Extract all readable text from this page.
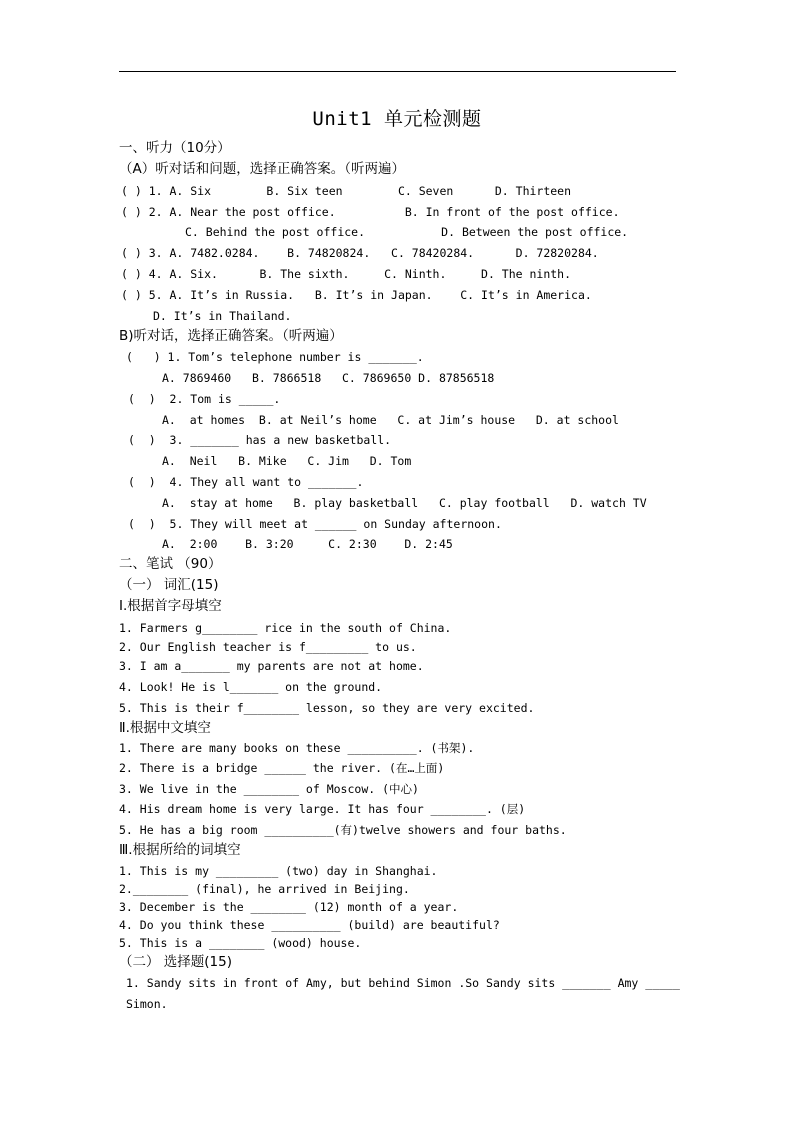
Unit1 单元检测题
一、听力（10分）
（A）听对话和问题，选择正确答案。（听两遍）
( ) 1. A. Six        B. Six teen        C. Seven      D. Thirteen
( ) 2. A. Near the post office.          B. In front of the post office.
C. Behind the post office.           D. Between the post office.
( ) 3. A. 7482.0284.    B. 74820824.   C. 78420284.      D. 72820284.
( ) 4. A. Six.      B. The sixth.     C. Ninth.     D. The ninth.
( ) 5. A. It’s in Russia.   B. It’s in Japan.    C. It’s in America.
D. It’s in Thailand.
B)听对话，选择正确答案。（听两遍）
(   ) 1. Tom’s telephone number is _______.
A. 7869460   B. 7866518   C. 7869650 D. 87856518
(  )  2. Tom is _____.
A.  at homes  B. at Neil’s home   C. at Jim’s house   D. at school
(  )  3. _______ has a new basketball.
A.  Neil   B. Mike   C. Jim   D. Tom
(  )  4. They all want to _______.
A.  stay at home   B. play basketball   C. play football   D. watch TV
(  )  5. They will meet at ______ on Sunday afternoon.
A.  2:00    B. 3:20     C. 2:30    D. 2:45
二、笔试 （90）
（一） 词汇(15)
Ⅰ.根据首字母填空
1. Farmers g________ rice in the south of China.
2. Our English teacher is f_________ to us.
3. I am a_______ my parents are not at home.
4. Look! He is l_______ on the ground.
5. This is their f________ lesson, so they are very excited.
Ⅱ.根据中文填空
1. There are many books on these __________. (书架).
2. There is a bridge ______ the river. (在…上面)
3. We live in the ________ of Moscow. (中心)
4. His dream home is very large. It has four ________. (层)
5. He has a big room __________(有)twelve showers and four baths.
Ⅲ.根据所给的词填空
1. This is my _________ (two) day in Shanghai.
2.________ (final), he arrived in Beijing.
3. December is the ________ (12) month of a year.
4. Do you think these __________ (build) are beautiful?
5. This is a ________ (wood) house.
（二） 选择题(15)
1. Sandy sits in front of Amy, but behind Simon .So Sandy sits _______ Amy _____
Simon.
